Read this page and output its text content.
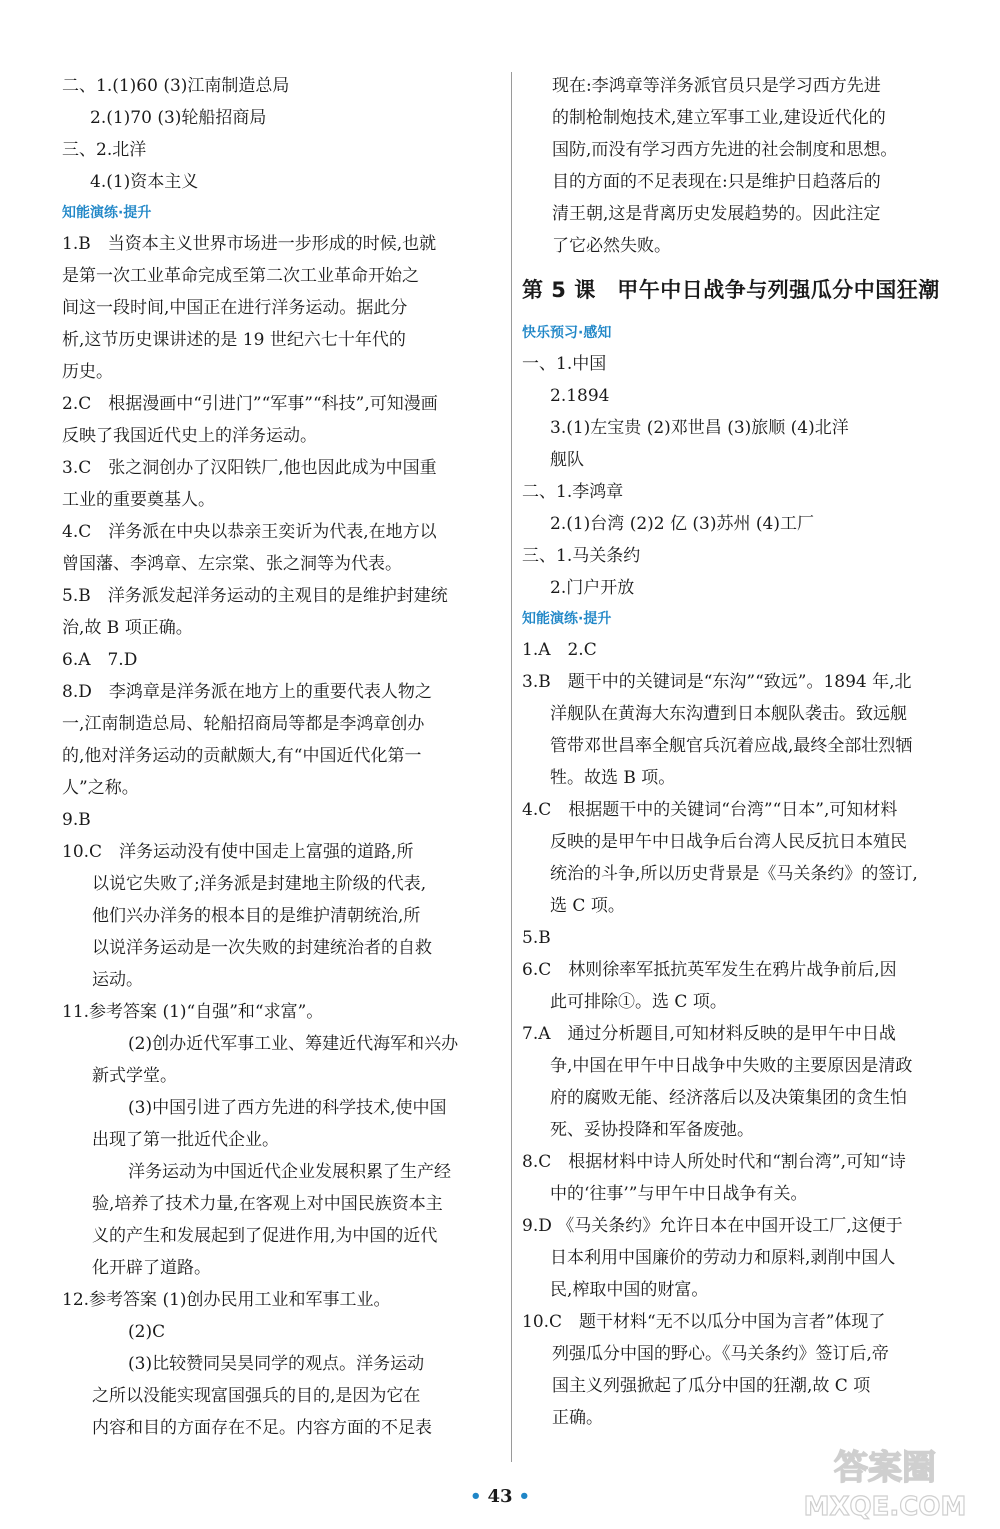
二、1.(1)60 (3)江南制造总局
2.(1)70 (3)轮船招商局
三、2.北洋
4.(1)资本主义
知能演练·提升
1.B　当资本主义世界市场进一步形成的时候,也就
是第一次工业革命完成至第二次工业革命开始之
间这一段时间,中国正在进行洋务运动。据此分
析,这节历史课讲述的是 19 世纪六七十年代的
历史。
2.C　根据漫画中“引进门”“军事”“科技”,可知漫画
反映了我国近代史上的洋务运动。
3.C　张之洞创办了汉阳铁厂,他也因此成为中国重
工业的重要奠基人。
4.C　洋务派在中央以恭亲王奕䜣为代表,在地方以
曾国藩、李鸿章、左宗棠、张之洞等为代表。
5.B　洋务派发起洋务运动的主观目的是维护封建统
治,故 B 项正确。
6.A　7.D
8.D　李鸿章是洋务派在地方上的重要代表人物之
一,江南制造总局、轮船招商局等都是李鸿章创办
的,他对洋务运动的贡献颇大,有“中国近代化第一
人”之称。
9.B
10.C　洋务运动没有使中国走上富强的道路,所
以说它失败了;洋务派是封建地主阶级的代表,
他们兴办洋务的根本目的是维护清朝统治,所
以说洋务运动是一次失败的封建统治者的自救
运动。
11.参考答案 (1)“自强”和“求富”。
(2)创办近代军事工业、筹建近代海军和兴办
新式学堂。
(3)中国引进了西方先进的科学技术,使中国
出现了第一批近代企业。
洋务运动为中国近代企业发展积累了生产经
验,培养了技术力量,在客观上对中国民族资本主
义的产生和发展起到了促进作用,为中国的近代
化开辟了道路。
12.参考答案 (1)创办民用工业和军事工业。
(2)C
(3)比较赞同吴昊同学的观点。洋务运动
之所以没能实现富国强兵的目的,是因为它在
内容和目的方面存在不足。内容方面的不足表
现在:李鸿章等洋务派官员只是学习西方先进
的制枪制炮技术,建立军事工业,建设近代化的
国防,而没有学习西方先进的社会制度和思想。
目的方面的不足表现在:只是维护日趋落后的
清王朝,这是背离历史发展趋势的。因此注定
了它必然失败。
第 5 课　甲午中日战争与列强瓜分中国狂潮
快乐预习·感知
一、1.中国
2.1894
3.(1)左宝贵 (2)邓世昌 (3)旅顺 (4)北洋
舰队
二、1.李鸿章
2.(1)台湾 (2)2 亿 (3)苏州 (4)工厂
三、1.马关条约
2.门户开放
知能演练·提升
1.A　2.C
3.B　题干中的关键词是“东沟”“致远”。1894 年,北
洋舰队在黄海大东沟遭到日本舰队袭击。致远舰
管带邓世昌率全舰官兵沉着应战,最终全部壮烈牺
牲。故选 B 项。
4.C　根据题干中的关键词“台湾”“日本”,可知材料
反映的是甲午中日战争后台湾人民反抗日本殖民
统治的斗争,所以历史背景是《马关条约》的签订,
选 C 项。
5.B
6.C　林则徐率军抵抗英军发生在鸦片战争前后,因
此可排除①。选 C 项。
7.A　通过分析题目,可知材料反映的是甲午中日战
争,中国在甲午中日战争中失败的主要原因是清政
府的腐败无能、经济落后以及决策集团的贪生怕
死、妥协投降和军备废弛。
8.C　根据材料中诗人所处时代和“割台湾”,可知“诗
中的‘往事’”与甲午中日战争有关。
9.D 《马关条约》允许日本在中国开设工厂,这便于
日本利用中国廉价的劳动力和原料,剥削中国人
民,榨取中国的财富。
10.C　题干材料“无不以瓜分中国为言者”体现了
列强瓜分中国的野心。《马关条约》签订后,帝
国主义列强掀起了瓜分中国的狂潮,故 C 项
正确。
• 43 •
答案圈
MXQE.COM
